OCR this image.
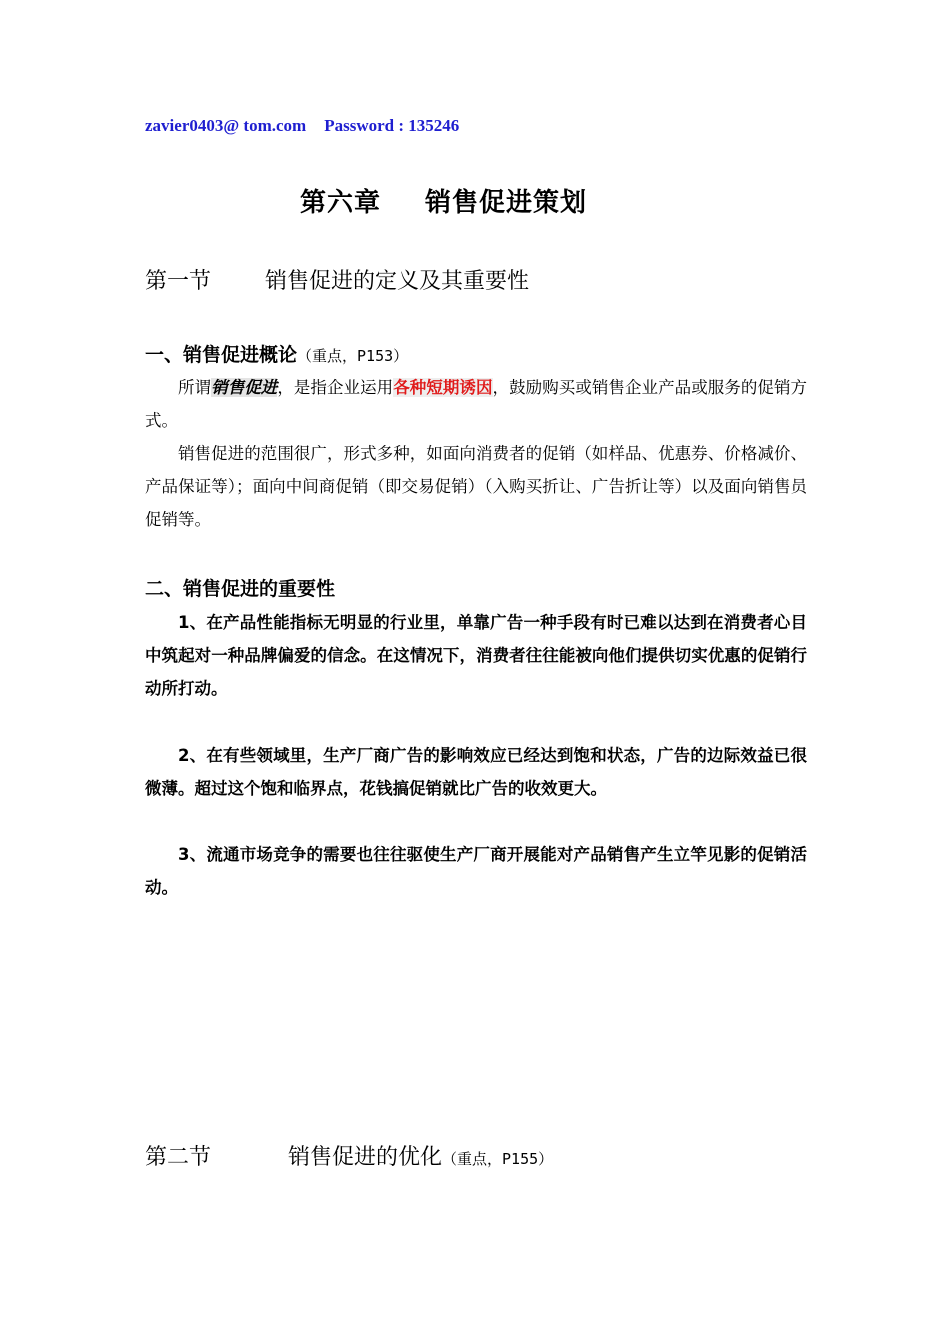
zavier0403@ tom.com Password : 135246
第六章 销售促进策划
第一节 销售促进的定义及其重要性
一、销售促进概论（重点，P153）
所谓销售促进，是指企业运用各种短期诱因，鼓励购买或销售企业产品或服务的促销方式。
销售促进的范围很广，形式多种，如面向消费者的促销（如样品、优惠券、价格减价、产品保证等）；面向中间商促销（即交易促销）（入购买折让、广告折让等）以及面向销售员促销等。
二、销售促进的重要性
1、在产品性能指标无明显的行业里，单靠广告一种手段有时已难以达到在消费者心目中筑起对一种品牌偏爱的信念。在这情况下，消费者往往能被向他们提供切实优惠的促销行动所打动。
2、在有些领域里，生产厂商广告的影响效应已经达到饱和状态，广告的边际效益已很微薄。超过这个饱和临界点，花钱搞促销就比广告的收效更大。
3、流通市场竞争的需要也往往驱使生产厂商开展能对产品销售产生立竿见影的促销活动。
第二节	销售促进的优化（重点，P155）
